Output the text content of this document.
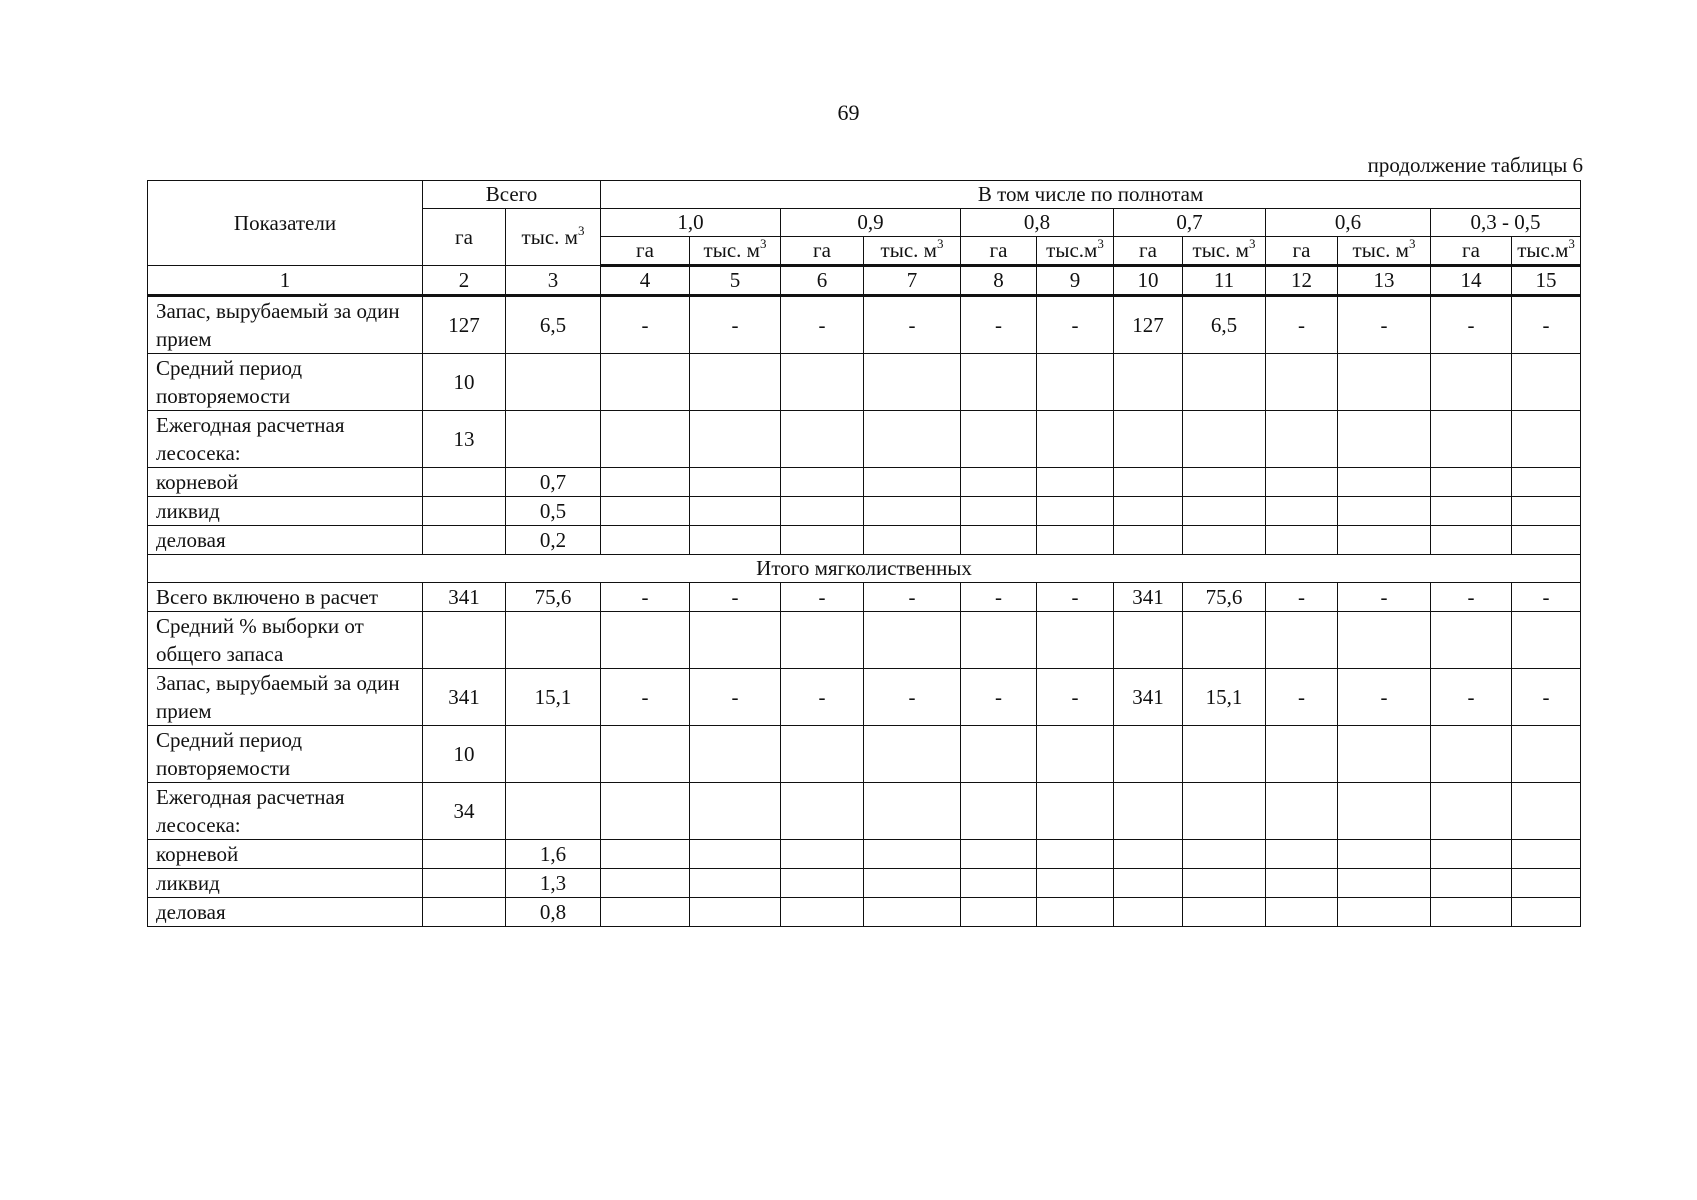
69
продолжение таблицы 6
Показатели	Всего		В том числе по полнотам											
	га	тыс. $м^3$	1,0		0,9		0,8		0,7		0,6		0,3 - 0,5	
			га	тыс. $м^3$	га	тыс. $м^3$	га	$тыс.м^3$	га	тыс. $м^3$	га	тыс. $м^3$	га	$тыс.м^3$
1	2	3	4	5	6	7	8	9	10	11	12	13	14	15
Запас, вырубаемый за один прием	127	6,5	-	-	-	-	-	-	127	6,5	-	-	-	-
Средний период повторяемости	10													
Ежегодная расчетная лесосека:	13													
корневой		0,7												
ликвид		0,5												
деловая		0,2												
Итого мягколиственных														
Всего включено в расчет	341	75,6	-	-	-	-	-	-	341	75,6	-	-	-	-
Средний % выборки от общего запаса														
Запас, вырубаемый за один прием	341	15,1	-	-	-	-	-	-	341	15,1	-	-	-	-
Средний период повторяемости	10													
Ежегодная расчетная лесосека:	34													
корневой		1,6												
ликвид		1,3												
деловая		0,8												
